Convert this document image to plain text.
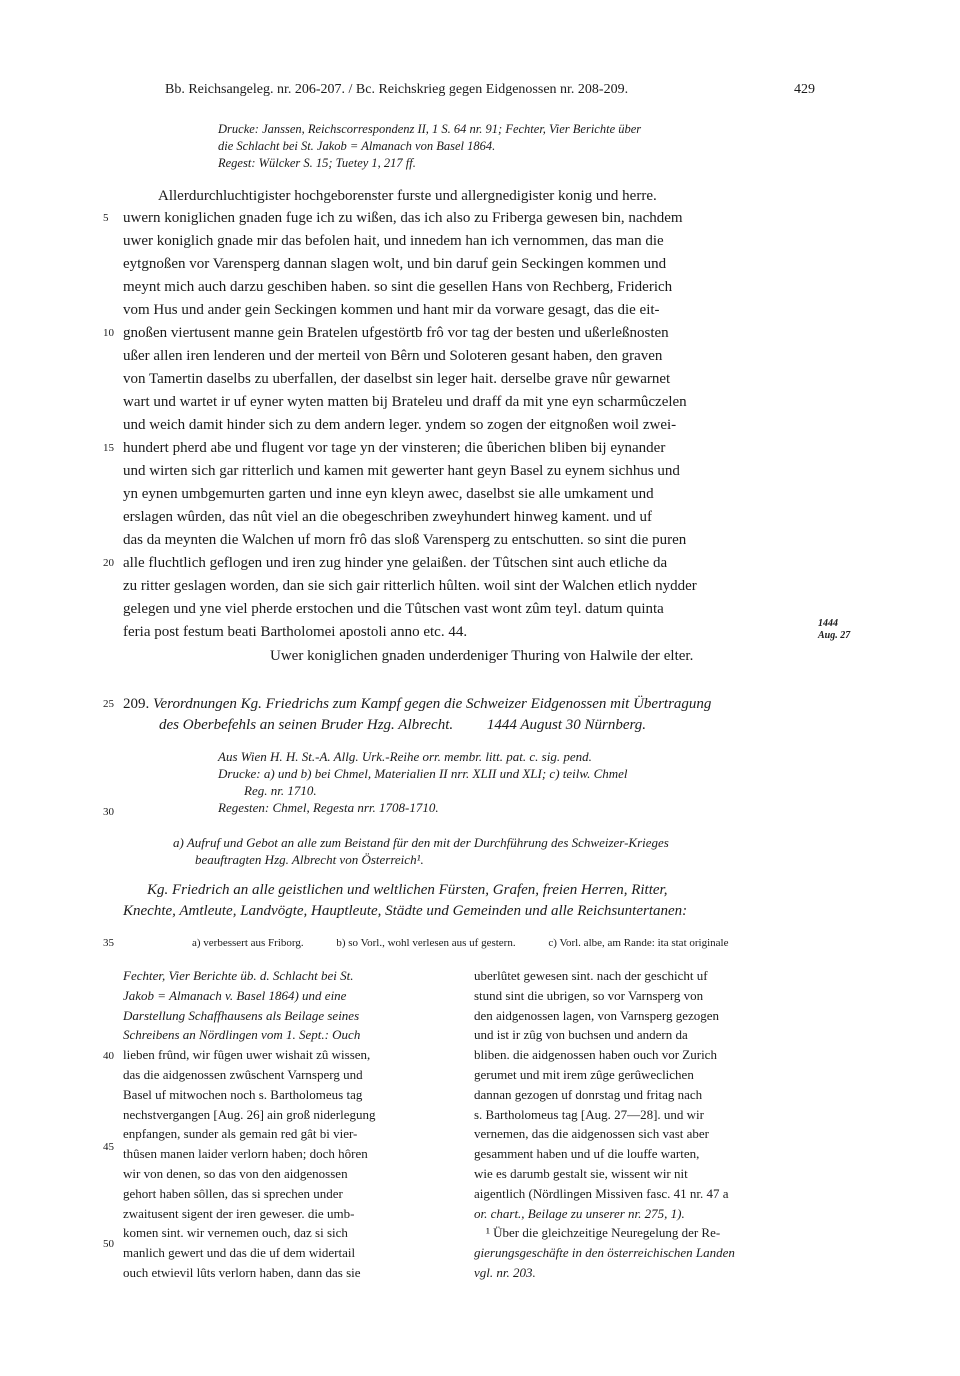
Bb. Reichsangeleg. nr. 206-207. / Bc. Reichskrieg gegen Eidgenossen nr. 208-209.	429
Drucke: Janssen, Reichscorrespondenz II, 1 S. 64 nr. 91; Fechter, Vier Berichte über
die Schlacht bei St. Jakob = Almanach von Basel 1864.
Regest: Wülcker S. 15; Tuetey 1, 217 ff.
Allerdurchluchtigister hochgeborenster furste und allergnedigister konig und herre.
uwern koniglichen gnaden fuge ich zu wißen, das ich also zu Friberga gewesen bin, nachdem
uwer koniglich gnade mir das befolen hait, und innedem han ich vernommen, das man die
eytgnoßen vor Varensperg dannan slagen wolt, und bin daruf gein Seckingen kommen und
meynt mich auch darzu geschiben haben. so sint die gesellen Hans von Rechberg, Friderich
vom Hus und ander gein Seckingen kommen und hant mir da vorware gesagt, das die eit-
gnoßen viertusent manne gein Bratelen ufgestörtb frô vor tag der besten und ußerleßnosten
ußer allen iren lenderen und der merteil von Bêrn und Soloteren gesant haben, den graven
von Tamertin daselbs zu uberfallen, der daselbst sin leger hait. derselbe grave nûr gewarnet
wart und wartet ir uf eyner wyten matten bij Brateleu und draff da mit yne eyn scharmûczelen
und weich damit hinder sich zu dem andern leger. yndem so zogen der eitgnoßen woil zwei-
hundert pherd abe und flugent vor tage yn der vinsteren; die ûberichen bliben bij eynander
und wirten sich gar ritterlich und kamen mit gewerter hant geyn Basel zu eynem sichhus und
yn eynen umbgemurten garten und inne eyn kleyn awec, daselbst sie alle umkament und
erslagen wûrden, das nût viel an die obegeschriben zweyhundert hinweg kament. und uf
das da meynten die Walchen uf morn frô das sloß Varensperg zu entschutten. so sint die puren
alle fluchtlich geflogen und iren zug hinder yne gelaißen. der Tûtschen sint auch etliche da
zu ritter geslagen worden, dan sie sich gair ritterlich hûlten. woil sint der Walchen etlich nydder
gelegen und yne viel pherde erstochen und die Tûtschen vast wont zûm teyl. datum quinta
feria post festum beati Bartholomei apostoli anno etc. 44.
Uwer koniglichen gnaden underdeniger Thuring von Halwile der elter.
5
10
15
20
25
30
35
40
45
50
1444
Aug. 27
209. Verordnungen Kg. Friedrichs zum Kampf gegen die Schweizer Eidgenossen mit Übertragung
des Oberbefehls an seinen Bruder Hzg. Albrecht. 1444 August 30 Nürnberg.
Aus Wien H. H. St.-A. Allg. Urk.-Reihe orr. membr. litt. pat. c. sig. pend.
Drucke: a) und b) bei Chmel, Materialien II nrr. XLII und XLI; c) teilw. Chmel
Reg. nr. 1710.
Regesten: Chmel, Regesta nrr. 1708-1710.
a) Aufruf und Gebot an alle zum Beistand für den mit der Durchführung des Schweizer-Krieges
beauftragten Hzg. Albrecht von Österreich¹.
Kg. Friedrich an alle geistlichen und weltlichen Fürsten, Grafen, freien Herren, Ritter,
Knechte, Amtleute, Landvögte, Hauptleute, Städte und Gemeinden und alle Reichsuntertanen:
a) verbessert aus Friborg.	b) so Vorl., wohl verlesen aus uf gestern.	c) Vorl. albe, am Rande: ita stat originale
Fechter, Vier Berichte üb. d. Schlacht bei St.
Jakob = Almanach v. Basel 1864) und eine
Darstellung Schaffhausens als Beilage seines
Schreibens an Nördlingen vom 1. Sept.: Ouch
lieben frûnd, wir fûgen uwer wishait zû wissen,
das die aidgenossen zwûschent Varnsperg und
Basel uf mitwochen noch s. Bartholomeus tag
nechstvergangen [Aug. 26] ain groß niderlegung
enpfangen, sunder als gemain red gât bi vier-
thûsen manen laider verlorn haben; doch hôren
wir von denen, so das von den aidgenossen
gehort haben sôllen, das si sprechen under
zwaitusent sigent der iren geweser. die umb-
komen sint. wir vernemen ouch, daz si sich
manlich gewert und das die uf dem widertail
ouch etwievil lûts verlorn haben, dann das sie
uberlûtet gewesen sint. nach der geschicht uf
stund sint die ubrigen, so vor Varnsperg von
den aidgenossen lagen, von Varnsperg gezogen
und ist ir zûg von buchsen und andern da
bliben. die aidgenossen haben ouch vor Zurich
gerumet und mit irem zûge gerûweclichen
dannan gezogen uf donrstag und fritag nach
s. Bartholomeus tag [Aug. 27—28]. und wir
vernemen, das die aidgenossen sich vast aber
gesamment haben und uf die louffe warten,
wie es darumb gestalt sie, wissent wir nit
aigentlich (Nördlingen Missiven fasc. 41 nr. 47 a
or. chart., Beilage zu unserer nr. 275, 1).
¹ Über die gleichzeitige Neuregelung der Re-
gierungsgeschäfte in den österreichischen Landen
vgl. nr. 203.
